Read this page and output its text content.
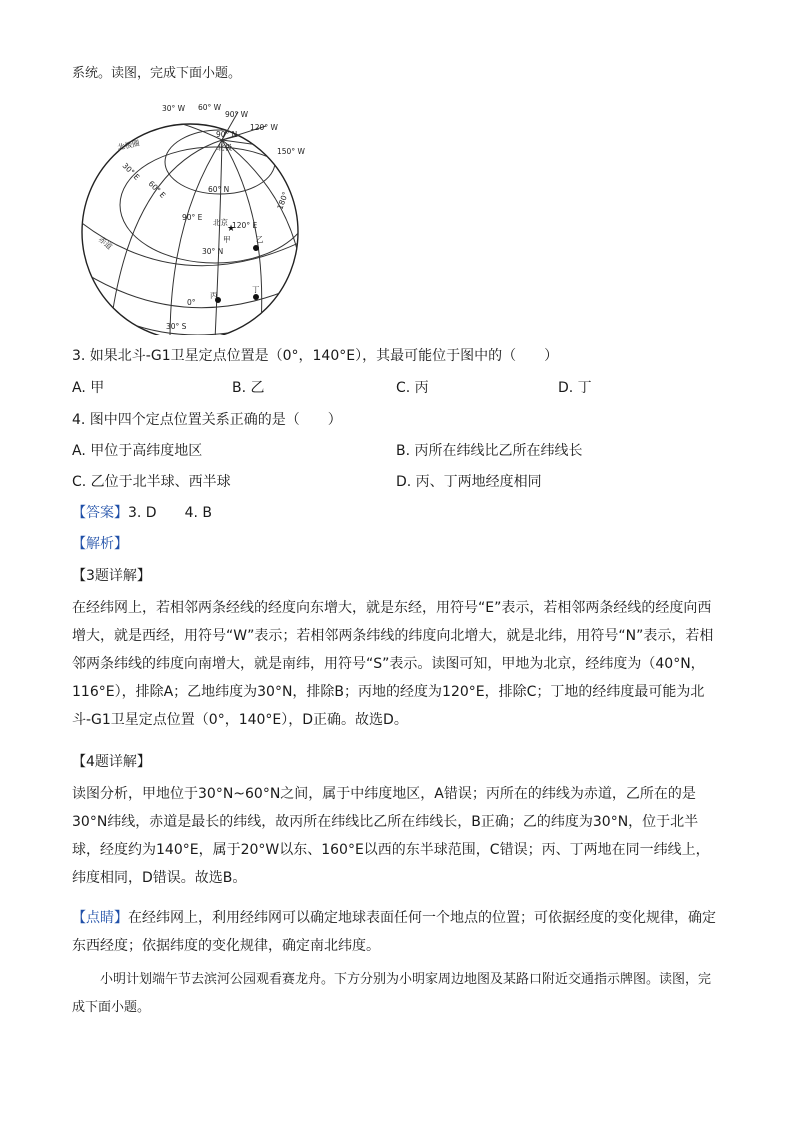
系统。读图，完成下面小题。
★
30° W 60° W
90° W
120° W
150° W
90° N
北极
北极圈
30° E
60° E	60° N
90° E
北京 120° E
180°
甲
30° N
乙
赤道
丙
丁
0°
30° S
3. 如果北斗-G1卫星定点位置是（0°，140°E），其最可能位于图中的（　　）
A. 甲	B. 乙	C. 丙	D. 丁
4. 图中四个定点位置关系正确的是（　　）
A. 甲位于高纬度地区	B. 丙所在纬线比乙所在纬线长
C. 乙位于北半球、西半球	D. 丙、丁两地经度相同
【答案】3. D　　4. B
【解析】
【3题详解】
在经纬网上，若相邻两条经线的经度向东增大，就是东经，用符号“E”表示，若相邻两条经线的经度向西增大，就是西经，用符号“W”表示；若相邻两条纬线的纬度向北增大，就是北纬，用符号“N”表示，若相邻两条纬线的纬度向南增大，就是南纬，用符号“S”表示。读图可知，甲地为北京，经纬度为（40°N，116°E），排除A；乙地纬度为30°N，排除B；丙地的经度为120°E，排除C；丁地的经纬度最可能为北斗-G1卫星定点位置（0°，140°E），D正确。故选D。
【4题详解】
读图分析，甲地位于30°N~60°N之间，属于中纬度地区，A错误；丙所在的纬线为赤道，乙所在的是30°N纬线，赤道是最长的纬线，故丙所在纬线比乙所在纬线长，B正确；乙的纬度为30°N，位于北半球，经度约为140°E，属于20°W以东、160°E以西的东半球范围，C错误；丙、丁两地在同一纬线上，纬度相同，D错误。故选B。
【点睛】在经纬网上，利用经纬网可以确定地球表面任何一个地点的位置；可依据经度的变化规律，确定东西经度；依据纬度的变化规律，确定南北纬度。
小明计划端午节去滨河公园观看赛龙舟。下方分别为小明家周边地图及某路口附近交通指示牌图。读图，完成下面小题。
